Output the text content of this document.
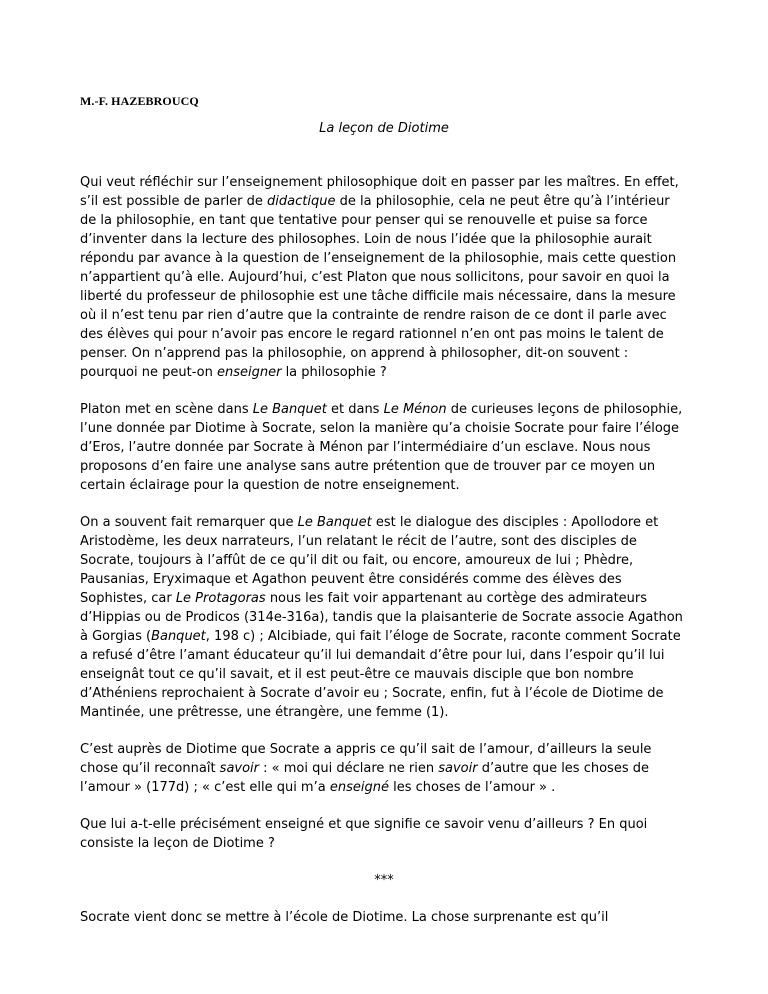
M.-F. HAZEBROUCQ
La leçon de Diotime

Qui veut réfléchir sur l’enseignement philosophique doit en passer par les maîtres. En effet, s’il est possible de parler de didactique de la philosophie, cela ne peut être qu’à l’intérieur de la philosophie, en tant que tentative pour penser qui se renouvelle et puise sa force d’inventer dans la lecture des philosophes. Loin de nous l’idée que la philosophie aurait répondu par avance à la question de l’enseignement de la philosophie, mais cette question n’appartient qu’à elle. Aujourd’hui, c’est Platon que nous sollicitons, pour savoir en quoi la liberté du professeur de philosophie est une tâche difficile mais nécessaire, dans la mesure où il n’est tenu par rien d’autre que la contrainte de rendre raison de ce dont il parle avec des élèves qui pour n’avoir pas encore le regard rationnel n’en ont pas moins le talent de penser. On n’apprend pas la philosophie, on apprend à philosopher, dit-on souvent : pourquoi ne peut-on enseigner la philosophie ?

Platon met en scène dans Le Banquet et dans Le Ménon de curieuses leçons de philosophie, l’une donnée par Diotime à Socrate, selon la manière qu’a choisie Socrate pour faire l’éloge d’Eros, l’autre donnée par Socrate à Ménon par l’intermédiaire d’un esclave. Nous nous proposons d’en faire une analyse sans autre prétention que de trouver par ce moyen un certain éclairage pour la question de notre enseignement.

On a souvent fait remarquer que Le Banquet est le dialogue des disciples : Apollodore et Aristodème, les deux narrateurs, l’un relatant le récit de l’autre, sont des disciples de Socrate, toujours à l’affût de ce qu’il dit ou fait, ou encore, amoureux de lui ; Phèdre, Pausanias, Eryximaque et Agathon peuvent être considérés comme des élèves des Sophistes, car Le Protagoras nous les fait voir appartenant au cortège des admirateurs d’Hippias ou de Prodicos (314e-316a), tandis que la plaisanterie de Socrate associe Agathon à Gorgias (Banquet, 198 c) ; Alcibiade, qui fait l’éloge de Socrate, raconte comment Socrate a refusé d’être l’amant éducateur qu’il lui demandait d’être pour lui, dans l’espoir qu’il lui enseignât tout ce qu’il savait, et il est peut-être ce mauvais disciple que bon nombre d’Athéniens reprochaient à Socrate d’avoir eu ; Socrate, enfin, fut à l’école de Diotime de Mantinée, une prêtresse, une étrangère, une femme (1).

C’est auprès de Diotime que Socrate a appris ce qu’il sait de l’amour, d’ailleurs la seule chose qu’il reconnaît savoir : « moi qui déclare ne rien savoir d’autre que les choses de l’amour » (177d) ; « c’est elle qui m’a enseigné les choses de l’amour » .

Que lui a-t-elle précisément enseigné et que signifie ce savoir venu d’ailleurs ? En quoi consiste la leçon de Diotime ?

***

Socrate vient donc se mettre à l’école de Diotime. La chose surprenante est qu’il
